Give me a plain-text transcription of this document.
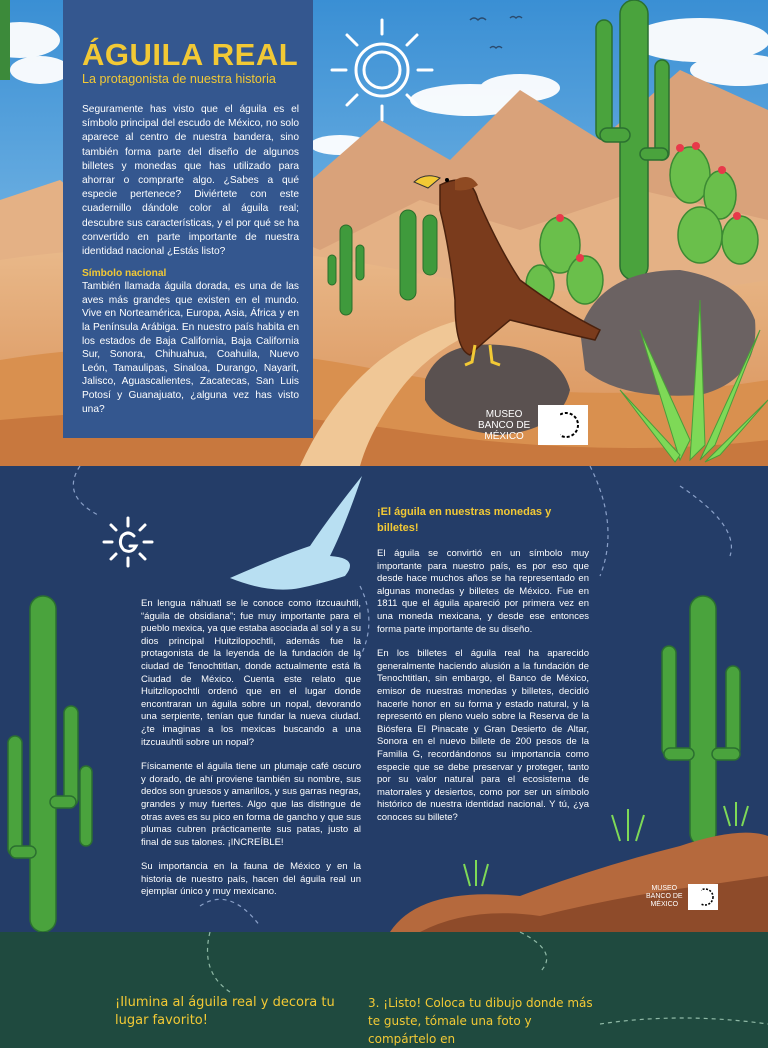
ÁGUILA REAL
La protagonista de nuestra historia

Seguramente has visto que el águila es el símbolo principal del escudo de México, no solo aparece al centro de nuestra bandera, sino también forma parte del diseño de algunos billetes y monedas que has utilizado para ahorrar o comprarte algo. ¿Sabes a qué especie pertenece? Diviértete con este cuadernillo dándole color al águila real; descubre sus características, y el por qué se ha convertido en parte importante de nuestra identidad nacional ¿Estás listo?

Símbolo nacional

También llamada águila dorada, es una de las aves más grandes que existen en el mundo. Vive en Norteamérica, Europa, Asia, África y en la Península Arábiga. En nuestro país habita en los estados de Baja California, Baja California Sur, Sonora, Chihuahua, Coahuila, Nuevo León, Tamaulipas, Sinaloa, Durango, Nayarit, Jalisco, Aguascalientes, Zacatecas, San Luis Potosí y Guanajuato, ¿alguna vez has visto una?	MUSEO
BANCO DE
MÉXICO

En lengua náhuatl se le conoce como itzcuauhtli, “águila de obsidiana”; fue muy importante para el pueblo mexica, ya que estaba asociada al sol y a su dios principal Huitzilopochtli, además fue la protagonista de la leyenda de la fundación de la ciudad de Tenochtitlan, donde actualmente está la Ciudad de México. Cuenta este relato que Huitzilopochtli ordenó que en el lugar donde encontraran un águila sobre un nopal, devorando una serpiente, tenían que fundar la nueva ciudad. ¿te imaginas a los mexicas buscando a una itzcuauhtli sobre un nopal?

Físicamente el águila tiene un plumaje café oscuro y dorado, de ahí proviene también su nombre, sus dedos son gruesos y amarillos, y sus garras negras, grandes y muy fuertes. Algo que las distingue de otras aves es su pico en forma de gancho y que sus plumas cubren prácticamente sus patas, justo al final de sus talones. ¡INCREÍBLE!

Su importancia en la fauna de México y en la historia de nuestro país, hacen del águila real un ejemplar único y muy mexicano.

¡El águila en nuestras monedas y billetes!

El águila se convirtió en un símbolo muy importante para nuestro país, es por eso que desde hace muchos años se ha representado en algunas monedas y billetes de México. Fue en 1811 que el águila apareció por primera vez en una moneda mexicana, y desde ese entonces forma parte importante de su diseño.

En los billetes el águila real ha aparecido generalmente haciendo alusión a la fundación de Tenochtitlan, sin embargo, el Banco de México, emisor de nuestras monedas y billetes, decidió hacerle honor en su forma y estado natural, y la representó en pleno vuelo sobre la Reserva de la Biósfera El Pinacate y Gran Desierto de Altar, Sonora en el nuevo billete de 200 pesos de la Familia G, recordándonos su importancia como especie que se debe preservar y proteger, tanto por su valor natural para el ecosistema de matorrales y desiertos, como por ser un símbolo histórico de nuestra identidad nacional. Y tú, ¿ya conoces su billete?

MUSEO
BANCO DE
MÉXICO
¡Ilumina al águila real y decora tu lugar favorito!
3. ¡Listo! Coloca tu dibujo donde más te guste, tómale una foto y compártelo en
